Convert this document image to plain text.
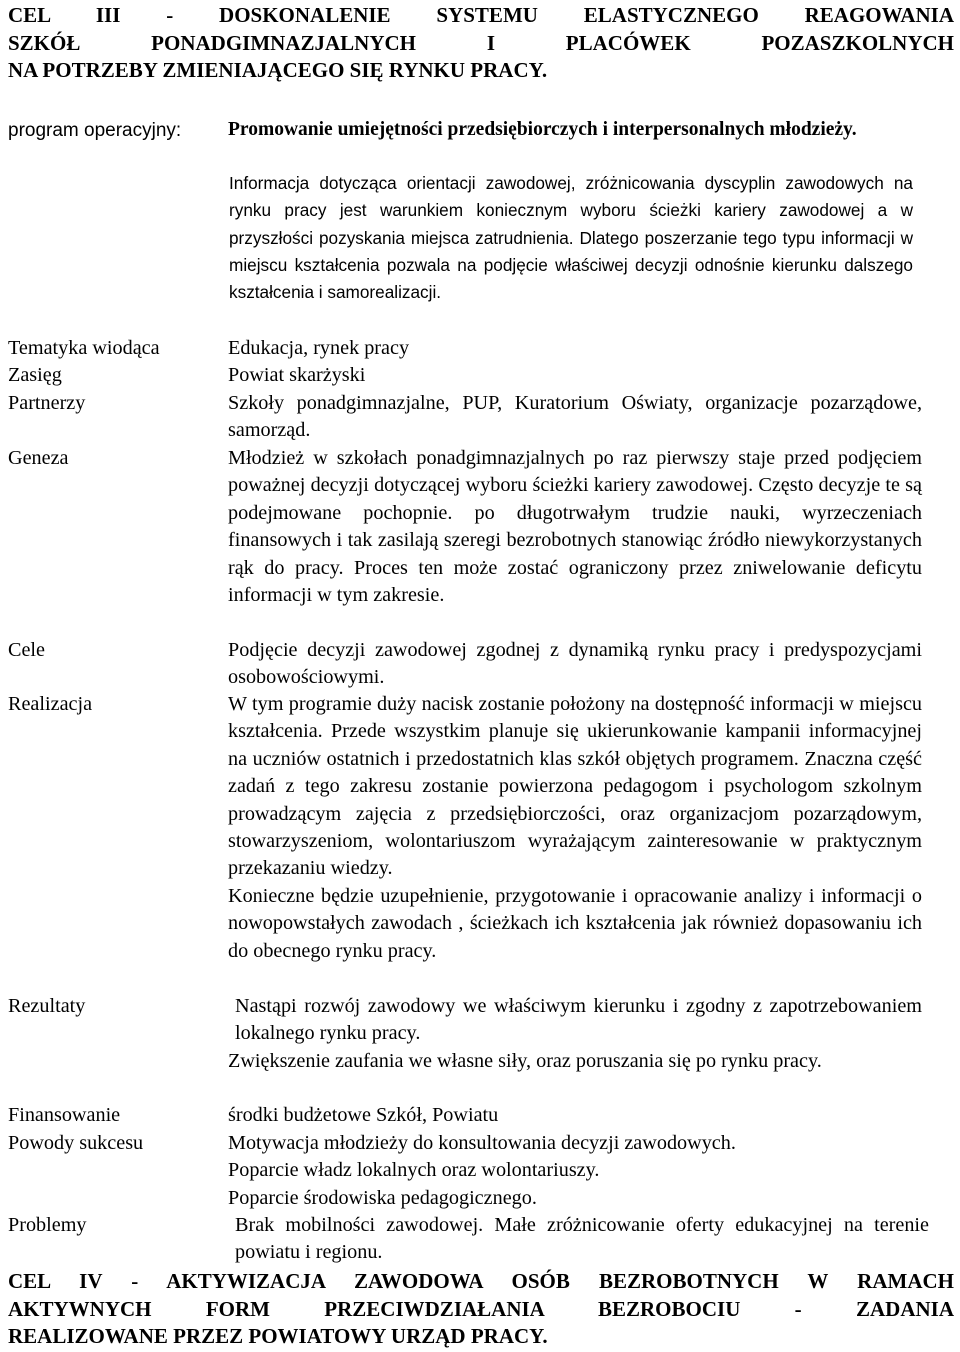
CEL III - DOSKONALENIE SYSTEMU ELASTYCZNEGO REAGOWANIA
SZKÓŁ PONADGIMNAZJALNYCH I PLACÓWEK POZASZKOLNYCH
NA POTRZEBY ZMIENIAJĄCEGO SIĘ RYNKU PRACY.
program operacyjny: Promowanie umiejętności przedsiębiorczych i interpersonalnych młodzieży.
Informacja dotycząca orientacji zawodowej, zróżnicowania dyscyplin zawodowych na rynku pracy jest warunkiem koniecznym wyboru ścieżki kariery zawodowej a w przyszłości pozyskania miejsca zatrudnienia. Dlatego poszerzanie tego typu informacji w miejscu kształcenia pozwala na podjęcie właściwej decyzji odnośnie kierunku dalszego kształcenia i samorealizacji.
Tematyka wiodąca	Edukacja, rynek pracy
Zasięg	Powiat skarżyski
Partnerzy	Szkoły ponadgimnazjalne, PUP, Kuratorium Oświaty, organizacje pozarządowe, samorząd.
Geneza	Młodzież w szkołach ponadgimnazjalnych po raz pierwszy staje przed podjęciem poważnej decyzji dotyczącej wyboru ścieżki kariery zawodowej. Często decyzje te są podejmowane pochopnie. po długotrwałym trudzie nauki, wyrzeczeniach finansowych i tak zasilają szeregi bezrobotnych stanowiąc źródło niewykorzystanych rąk do pracy. Proces ten może zostać ograniczony przez zniwelowanie deficytu informacji w tym zakresie.
Cele	Podjęcie decyzji zawodowej zgodnej z dynamiką rynku pracy i predyspozycjami osobowościowymi.
Realizacja	W tym programie duży nacisk zostanie położony na dostępność informacji w miejscu kształcenia. Przede wszystkim planuje się ukierunkowanie kampanii informacyjnej na uczniów ostatnich i przedostatnich klas szkół objętych programem. Znaczna część zadań z tego zakresu zostanie powierzona pedagogom i psychologom szkolnym prowadzącym zajęcia z przedsiębiorczości, oraz organizacjom pozarządowym, stowarzyszeniom, wolontariuszom wyrażającym zainteresowanie w praktycznym przekazaniu wiedzy.

Konieczne będzie uzupełnienie, przygotowanie i opracowanie analizy i informacji o nowopowstałych zawodach , ścieżkach ich kształcenia jak również dopasowaniu ich do obecnego rynku pracy.

Rezultaty	Nastąpi rozwój zawodowy we właściwym kierunku i zgodny z zapotrzebowaniem lokalnego rynku pracy.

Zwiększenie zaufania we własne siły, oraz poruszania się po rynku pracy.

Finansowanie	środki budżetowe Szkół, Powiatu
Powody sukcesu	Motywacja młodzieży do konsultowania decyzji zawodowych.

Poparcie władz lokalnych oraz wolontariuszy.

Poparcie środowiska pedagogicznego.

Problemy	Brak mobilności zawodowej. Małe zróżnicowanie oferty edukacyjnej na terenie powiatu i regionu.
CEL IV - AKTYWIZACJA ZAWODOWA OSÓB BEZROBOTNYCH W RAMACH
AKTYWNYCH FORM PRZECIWDZIAŁANIA BEZROBOCIU - ZADANIA
REALIZOWANE PRZEZ POWIATOWY URZĄD PRACY.
